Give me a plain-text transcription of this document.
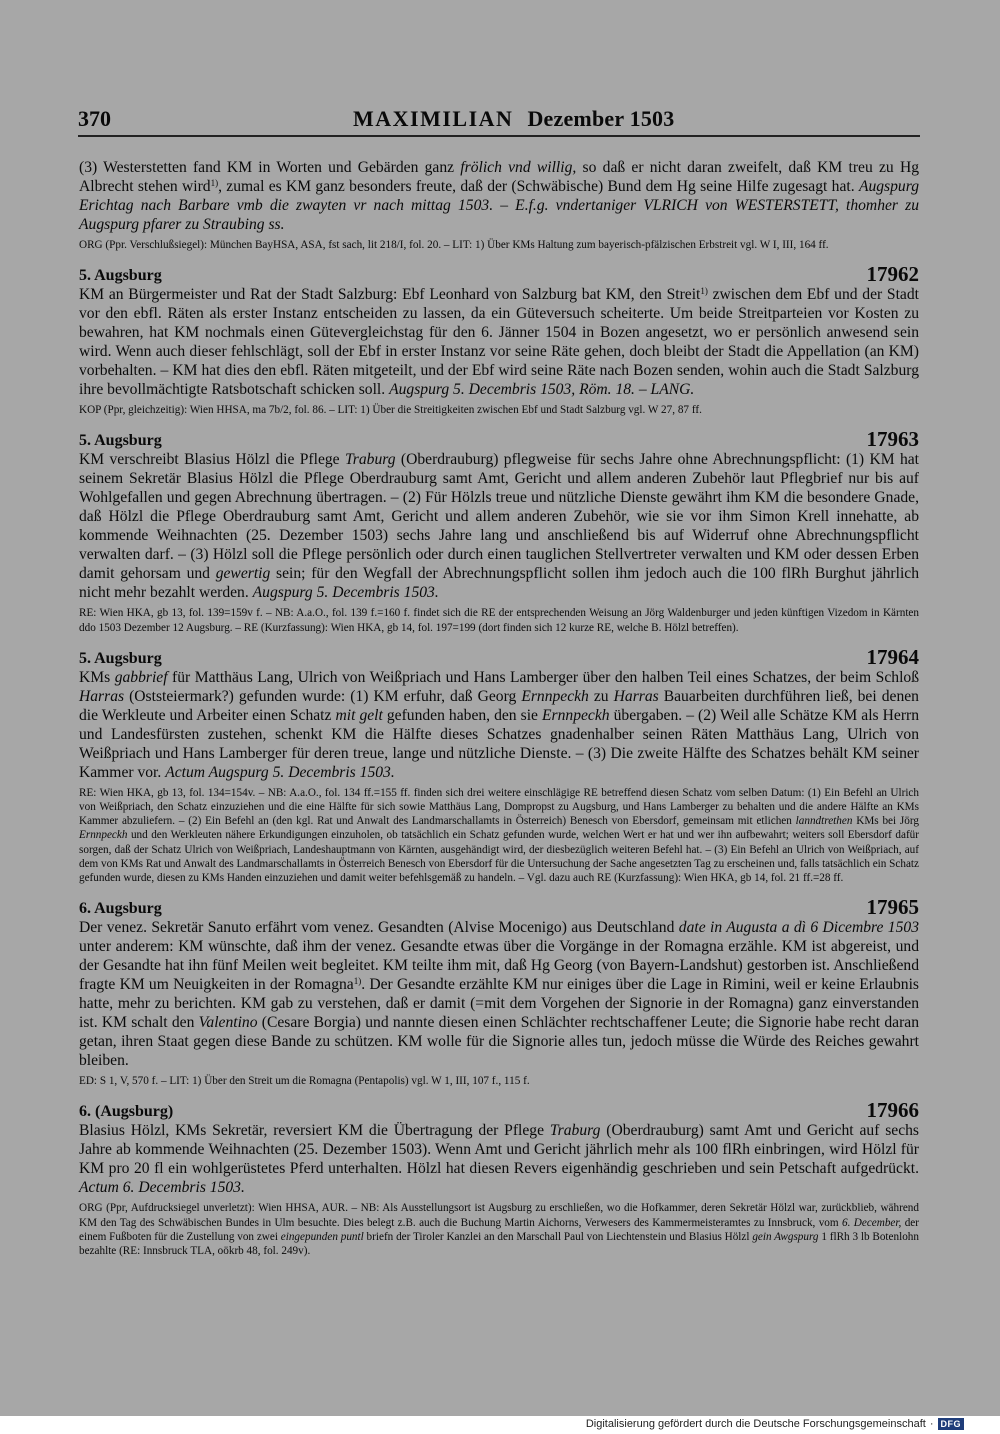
370	MAXIMILIAN Dezember 1503

(3) Westerstetten fand KM in Worten und Gebärden ganz frölich vnd willig, so daß er nicht daran zweifelt, daß KM treu zu Hg Albrecht stehen wird$^{1)}$, zumal es KM ganz besonders freute, daß der (Schwäbische) Bund dem Hg seine Hilfe zugesagt hat. Augspurg Erichtag nach Barbare vmb die zwayten vr nach mittag 1503. – E.f.g. vndertaniger VLRICH von WESTERSTETT, thomher zu Augspurg pfarer zu Straubing ss.

ORG (Ppr. Verschlußsiegel): München BayHSA, ASA, fst sach, lit 218/I, fol. 20. – LIT: 1) Über KMs Haltung zum bayerisch-pfälzischen Erbstreit vgl. W I, III, 164 ff.

5. Augsburg	17962

KM an Bürgermeister und Rat der Stadt Salzburg: Ebf Leonhard von Salzburg bat KM, den Streit$^{1)}$ zwischen dem Ebf und der Stadt vor den ebfl. Räten als erster Instanz entscheiden zu lassen, da ein Güteversuch scheiterte. Um beide Streitparteien vor Kosten zu bewahren, hat KM nochmals einen Gütevergleichstag für den 6. Jänner 1504 in Bozen angesetzt, wo er persönlich anwesend sein wird. Wenn auch dieser fehlschlägt, soll der Ebf in erster Instanz vor seine Räte gehen, doch bleibt der Stadt die Appellation (an KM) vorbehalten. – KM hat dies den ebfl. Räten mitgeteilt, und der Ebf wird seine Räte nach Bozen senden, wohin auch die Stadt Salzburg ihre bevollmächtigte Ratsbotschaft schicken soll. Augspurg 5. Decembris 1503, Röm. 18. – LANG.

KOP (Ppr, gleichzeitig): Wien HHSA, ma 7b/2, fol. 86. – LIT: 1) Über die Streitigkeiten zwischen Ebf und Stadt Salzburg vgl. W 27, 87 ff.

5. Augsburg	17963

KM verschreibt Blasius Hölzl die Pflege Traburg (Oberdrauburg) pflegweise für sechs Jahre ohne Abrechnungspflicht: (1) KM hat seinem Sekretär Blasius Hölzl die Pflege Oberdrauburg samt Amt, Gericht und allem anderen Zubehör laut Pflegbrief nur bis auf Wohlgefallen und gegen Abrechnung übertragen. – (2) Für Hölzls treue und nützliche Dienste gewährt ihm KM die besondere Gnade, daß Hölzl die Pflege Oberdrauburg samt Amt, Gericht und allem anderen Zubehör, wie sie vor ihm Simon Krell innehatte, ab kommende Weihnachten (25. Dezember 1503) sechs Jahre lang und anschließend bis auf Widerruf ohne Abrechnungspflicht verwalten darf. – (3) Hölzl soll die Pflege persönlich oder durch einen tauglichen Stellvertreter verwalten und KM oder dessen Erben damit gehorsam und gewertig sein; für den Wegfall der Abrechnungspflicht sollen ihm jedoch auch die 100 flRh Burghut jährlich nicht mehr bezahlt werden. Augspurg 5. Decembris 1503.

RE: Wien HKA, gb 13, fol. 139=159v f. – NB: A.a.O., fol. 139 f.=160 f. findet sich die RE der entsprechenden Weisung an Jörg Waldenburger und jeden künftigen Vizedom in Kärnten ddo 1503 Dezember 12 Augsburg. – RE (Kurzfassung): Wien HKA, gb 14, fol. 197=199 (dort finden sich 12 kurze RE, welche B. Hölzl betreffen).

5. Augsburg	17964

KMs gabbrief für Matthäus Lang, Ulrich von Weißpriach und Hans Lamberger über den halben Teil eines Schatzes, der beim Schloß Harras (Oststeiermark?) gefunden wurde: (1) KM erfuhr, daß Georg Ernnpeckh zu Harras Bauarbeiten durchführen ließ, bei denen die Werkleute und Arbeiter einen Schatz mit gelt gefunden haben, den sie Ernnpeckh übergaben. – (2) Weil alle Schätze KM als Herrn und Landesfürsten zustehen, schenkt KM die Hälfte dieses Schatzes gnadenhalber seinen Räten Matthäus Lang, Ulrich von Weißpriach und Hans Lamberger für deren treue, lange und nützliche Dienste. – (3) Die zweite Hälfte des Schatzes behält KM seiner Kammer vor. Actum Augspurg 5. Decembris 1503.

RE: Wien HKA, gb 13, fol. 134=154v. – NB: A.a.O., fol. 134 ff.=155 ff. finden sich drei weitere einschlägige RE betreffend diesen Schatz vom selben Datum: (1) Ein Befehl an Ulrich von Weißpriach, den Schatz einzuziehen und die eine Hälfte für sich sowie Matthäus Lang, Dompropst zu Augsburg, und Hans Lamberger zu behalten und die andere Hälfte an KMs Kammer abzuliefern. – (2) Ein Befehl an (den kgl. Rat und Anwalt des Landmarschallamts in Österreich) Benesch von Ebersdorf, gemeinsam mit etlichen lanndtrethen KMs bei Jörg Ernnpeckh und den Werkleuten nähere Erkundigungen einzuholen, ob tatsächlich ein Schatz gefunden wurde, welchen Wert er hat und wer ihn aufbewahrt; weiters soll Ebersdorf dafür sorgen, daß der Schatz Ulrich von Weißpriach, Landeshauptmann von Kärnten, ausgehändigt wird, der diesbezüglich weiteren Befehl hat. – (3) Ein Befehl an Ulrich von Weißpriach, auf dem von KMs Rat und Anwalt des Landmarschallamts in Österreich Benesch von Ebersdorf für die Untersuchung der Sache angesetzten Tag zu erscheinen und, falls tatsächlich ein Schatz gefunden wurde, diesen zu KMs Handen einzuziehen und damit weiter befehlsgemäß zu handeln. – Vgl. dazu auch RE (Kurzfassung): Wien HKA, gb 14, fol. 21 ff.=28 ff.

6. Augsburg	17965

Der venez. Sekretär Sanuto erfährt vom venez. Gesandten (Alvise Mocenigo) aus Deutschland date in Augusta a dì 6 Dicembre 1503 unter anderem: KM wünschte, daß ihm der venez. Gesandte etwas über die Vorgänge in der Romagna erzähle. KM ist abgereist, und der Gesandte hat ihn fünf Meilen weit begleitet. KM teilte ihm mit, daß Hg Georg (von Bayern-Landshut) gestorben ist. Anschließend fragte KM um Neuigkeiten in der Romagna$^{1)}$. Der Gesandte erzählte KM nur einiges über die Lage in Rimini, weil er keine Erlaubnis hatte, mehr zu berichten. KM gab zu verstehen, daß er damit (=mit dem Vorgehen der Signorie in der Romagna) ganz einverstanden ist. KM schalt den Valentino (Cesare Borgia) und nannte diesen einen Schlächter rechtschaffener Leute; die Signorie habe recht daran getan, ihren Staat gegen diese Bande zu schützen. KM wolle für die Signorie alles tun, jedoch müsse die Würde des Reiches gewahrt bleiben.

ED: S 1, V, 570 f. – LIT: 1) Über den Streit um die Romagna (Pentapolis) vgl. W 1, III, 107 f., 115 f.

6. (Augsburg)	17966

Blasius Hölzl, KMs Sekretär, reversiert KM die Übertragung der Pflege Traburg (Oberdrauburg) samt Amt und Gericht auf sechs Jahre ab kommende Weihnachten (25. Dezember 1503). Wenn Amt und Gericht jährlich mehr als 100 flRh einbringen, wird Hölzl für KM pro 20 fl ein wohlgerüstetes Pferd unterhalten. Hölzl hat diesen Revers eigenhändig geschrieben und sein Petschaft aufgedrückt. Actum 6. Decembris 1503.

ORG (Ppr, Aufdrucksiegel unverletzt): Wien HHSA, AUR. – NB: Als Ausstellungsort ist Augsburg zu erschließen, wo die Hofkammer, deren Sekretär Hölzl war, zurückblieb, während KM den Tag des Schwäbischen Bundes in Ulm besuchte. Dies belegt z.B. auch die Buchung Martin Aichorns, Verwesers des Kammermeisteramtes zu Innsbruck, vom 6. December, der einem Fußboten für die Zustellung von zwei eingepunden puntl briefn der Tiroler Kanzlei an den Marschall Paul von Liechtenstein und Blasius Hölzl gein Awgspurg 1 flRh 3 lb Botenlohn bezahlte (RE: Innsbruck TLA, oökrb 48, fol. 249v).

Digitalisierung gefördert durch die Deutsche Forschungsgemeinschaft · DFG
